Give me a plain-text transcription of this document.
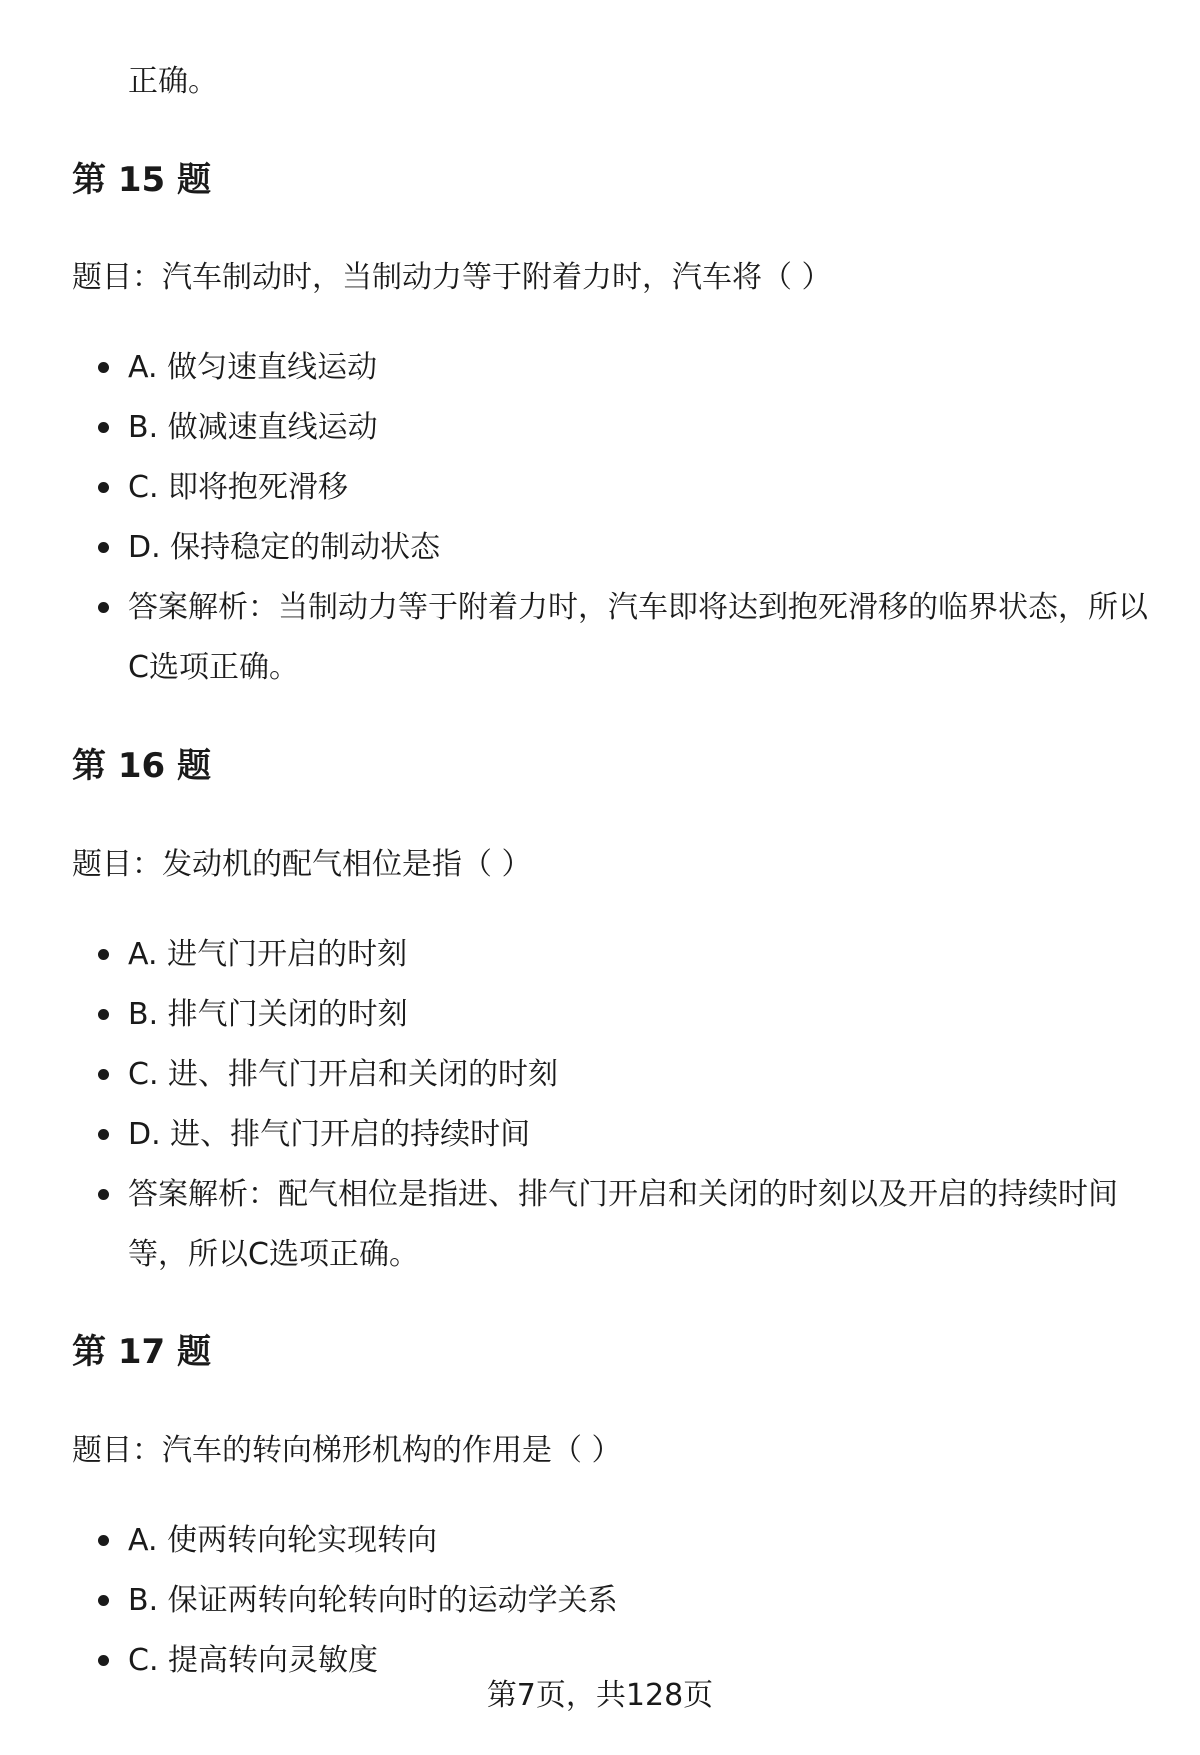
正确。
第 15 题
题目：汽车制动时，当制动力等于附着力时，汽车将（ ）
A. 做匀速直线运动
B. 做减速直线运动
C. 即将抱死滑移
D. 保持稳定的制动状态
答案解析：当制动力等于附着力时，汽车即将达到抱死滑移的临界状态，所以
C选项正确。
第 16 题
题目：发动机的配气相位是指（ ）
A. 进气门开启的时刻
B. 排气门关闭的时刻
C. 进、排气门开启和关闭的时刻
D. 进、排气门开启的持续时间
答案解析：配气相位是指进、排气门开启和关闭的时刻以及开启的持续时间
等，所以C选项正确。
第 17 题
题目：汽车的转向梯形机构的作用是（ ）
A. 使两转向轮实现转向
B. 保证两转向轮转向时的运动学关系
C. 提高转向灵敏度
第7页，共128页
